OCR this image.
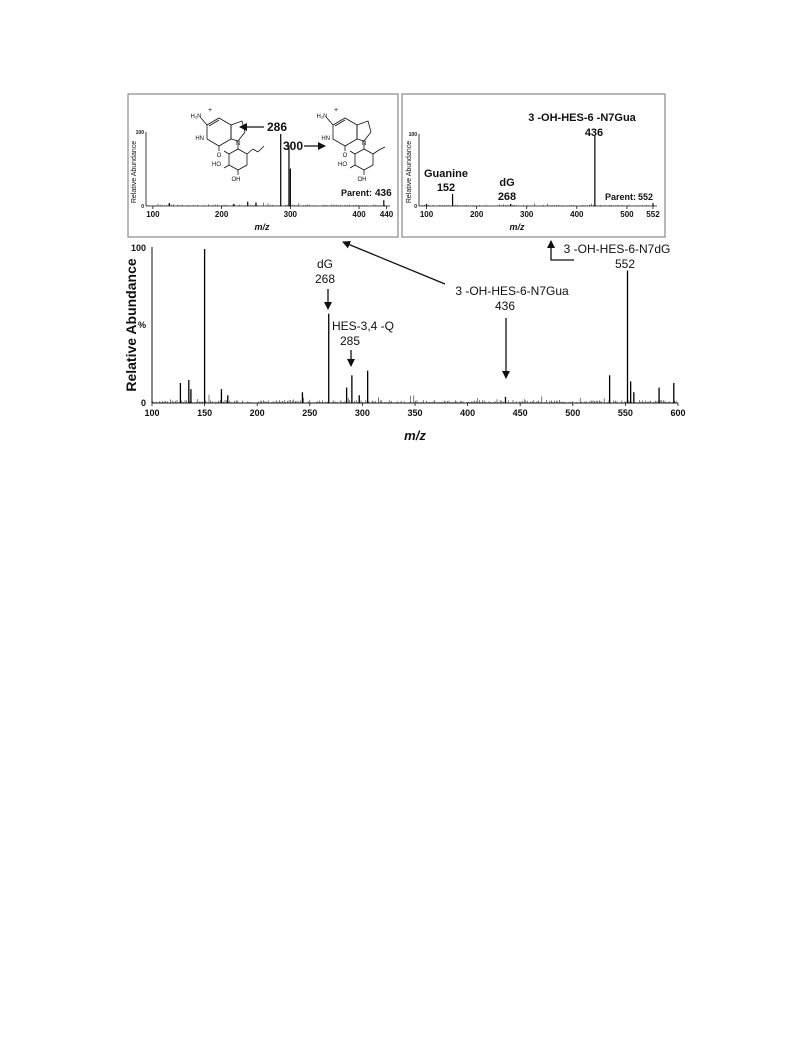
100	150	200	250	300	350	400	450	500	550	600
100
%
0
Relative Abundance
m/z
dG
268
HES-3,4 -Q
285
3 -OH-HES-6-N7Gua
436
3 -OH-HES-6-N7dG
552
100	200	300	400 440
100
0
Relative Abundance
m/z
Parent: 436
286
300
H₂N
+
HN
O
N
HO
OH
H₂N
+
HN
O
N
HO
OH
100	200	300	400	500 552
100
0
Relative Abundance
m/z
Parent: 552
Guanine
152	dG
268
3 -OH-HES-6 -N7Gua
436
